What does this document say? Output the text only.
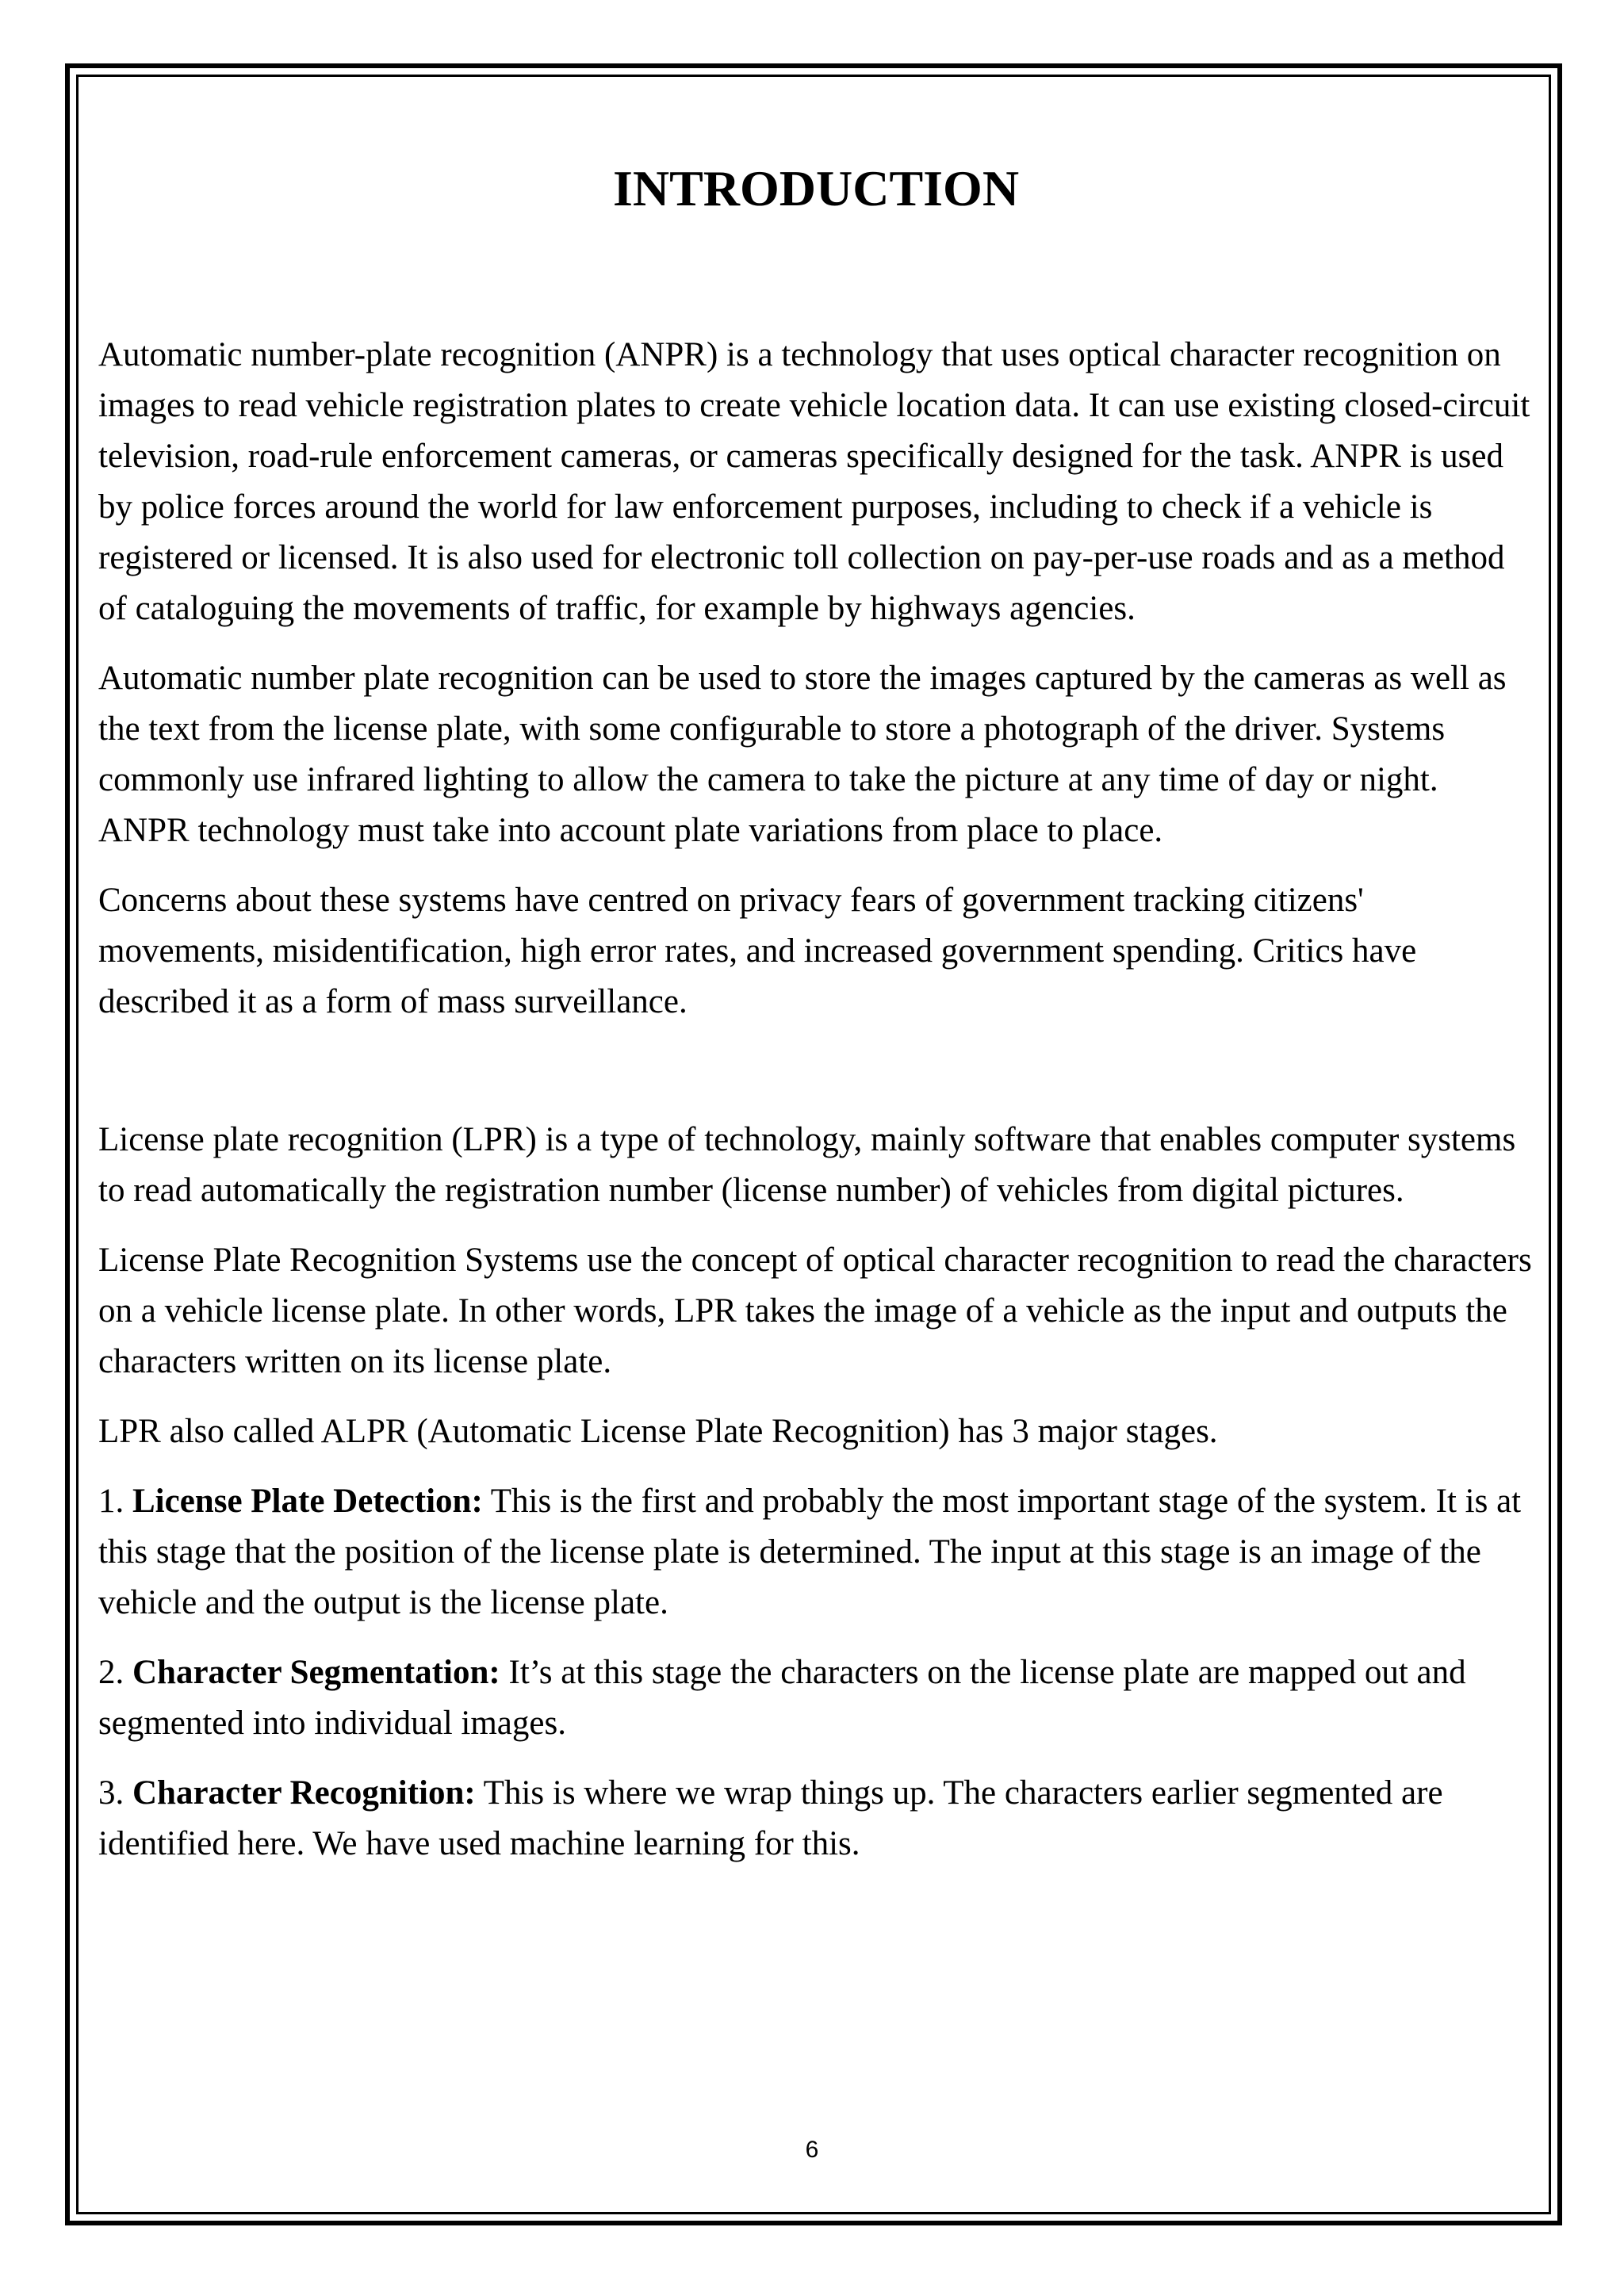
INTRODUCTION

Automatic number-plate recognition (ANPR) is a technology that uses optical character recognition on images to read vehicle registration plates to create vehicle location data. It can use existing closed-circuit television, road-rule enforcement cameras, or cameras specifically designed for the task. ANPR is used by police forces around the world for law enforcement purposes, including to check if a vehicle is registered or licensed. It is also used for electronic toll collection on pay-per-use roads and as a method of cataloguing the movements of traffic, for example by highways agencies.

Automatic number plate recognition can be used to store the images captured by the cameras as well as the text from the license plate, with some configurable to store a photograph of the driver. Systems commonly use infrared lighting to allow the camera to take the picture at any time of day or night. ANPR technology must take into account plate variations from place to place.

Concerns about these systems have centred on privacy fears of government tracking citizens' movements, misidentification, high error rates, and increased government spending. Critics have described it as a form of mass surveillance.

License plate recognition (LPR) is a type of technology, mainly software that enables computer systems to read automatically the registration number (license number) of vehicles from digital pictures.

License Plate Recognition Systems use the concept of optical character recognition to read the characters on a vehicle license plate. In other words, LPR takes the image of a vehicle as the input and outputs the characters written on its license plate.

LPR also called ALPR (Automatic License Plate Recognition) has 3 major stages.

1. License Plate Detection: This is the first and probably the most important stage of the system. It is at this stage that the position of the license plate is determined. The input at this stage is an image of the vehicle and the output is the license plate.

2. Character Segmentation: It’s at this stage the characters on the license plate are mapped out and segmented into individual images.

3. Character Recognition: This is where we wrap things up. The characters earlier segmented are identified here. We have used machine learning for this.

6
